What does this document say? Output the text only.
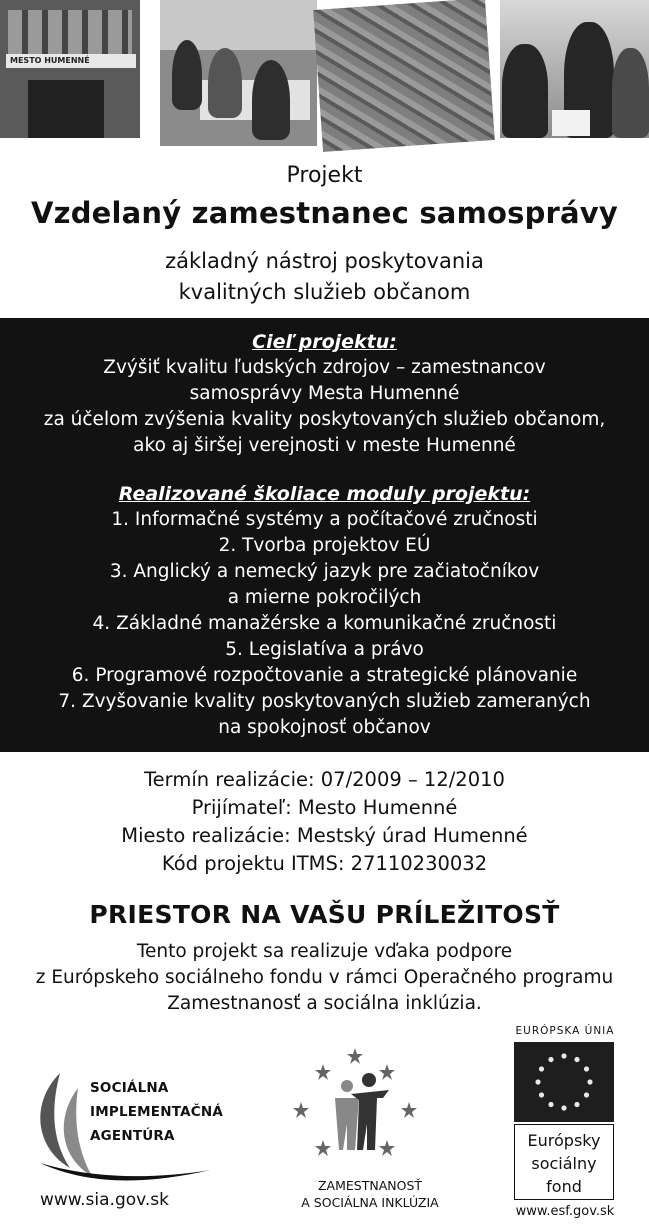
MESTO HUMENNÉ
Projekt
Vzdelaný zamestnanec samosprávy
základný nástroj poskytovania
kvalitných služieb občanom
Cieľ projektu:
Zvýšiť kvalitu ľudských zdrojov – zamestnancov
samosprávy Mesta Humenné
za účelom zvýšenia kvality poskytovaných služieb občanom,
ako aj širšej verejnosti v meste Humenné
Realizované školiace moduly projektu:
1. Informačné systémy a počítačové zručnosti
2. Tvorba projektov EÚ
3. Anglický a nemecký jazyk pre začiatočníkov
a mierne pokročilých
4. Základné manažérske a komunikačné zručnosti
5. Legislatíva a právo
6. Programové rozpočtovanie a strategické plánovanie
7. Zvyšovanie kvality poskytovaných služieb zameraných
na spokojnosť občanov
Termín realizácie: 07/2009 – 12/2010
Prijímateľ: Mesto Humenné
Miesto realizácie: Mestský úrad Humenné
Kód projektu ITMS: 27110230032
PRIESTOR NA VAŠU PRÍLEŽITOSŤ
Tento projekt sa realizuje vďaka podpore
z Európskeho sociálneho fondu v rámci Operačného programu
Zamestnanosť a sociálna inklúzia.
SOCIÁLNA
IMPLEMENTAČNÁ
AGENTÚRA
www.sia.gov.sk
ZAMESTNANOSŤ
A SOCIÁLNA INKLÚZIA
EURÓPSKA ÚNIA
Európsky
sociálny
fond
www.esf.gov.sk
